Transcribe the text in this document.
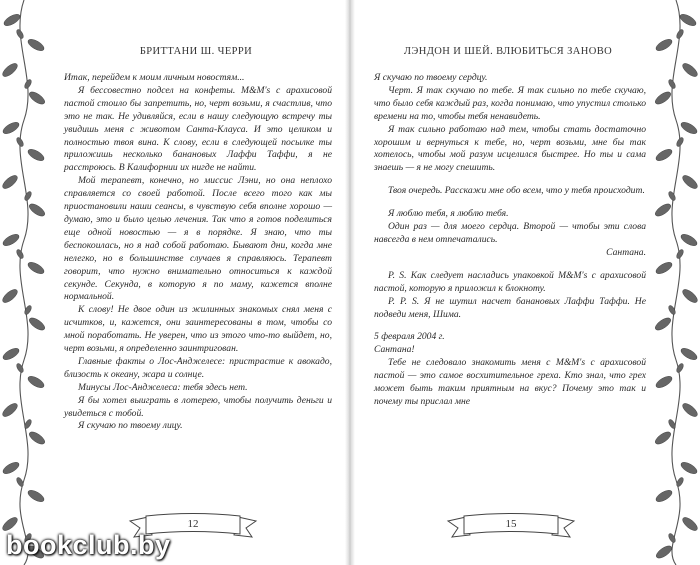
БРИТТАНИ Ш. ЧЕРРИ

Итак, перейдем к моим личным новостям...

Я бессовестно подсел на конфеты. M&M's с арахисовой пастой стоило бы запретить, но, черт возьми, я счастлив, что это не так. Не удивляйся, если в нашу следующую встречу ты увидишь меня с животом Санта-Клауса. И это целиком и полностью твоя вина. К слову, если в следующей посылке ты приложишь несколько банановых Лаффи Таффи, я не расстроюсь. В Калифорнии их нигде не найти.

Мой терапевт, конечно, но миссис Лэни, но она неплохо справляется со своей работой. После всего того как мы приостановили наши сеансы, в чувствую себя вполне хорошо — думаю, это и было целью лечения. Так что я готов поделиться еще одной новостью — я в порядке. Я знаю, что ты беспокоилась, но я над собой работаю. Бывают дни, когда мне нелегко, но в большинстве случаев я справляюсь. Терапевт говорит, что нужно внимательно относиться к каждой секунде. Секунда, в которую я по маму, кажется вполне нормальной.

К слову! Не двое один из жилинных знакомых снял меня с исчитков, и, кажется, они заинтересованы в том, чтобы со мной поработать. Не уверен, что из этого что-то выйдет, но, черт возьми, я определенно заинтригован.

Главные факты о Лос-Анджелесе: пристрастие к авокадо, близость к океану, жара и солнце.

Минусы Лос-Анджелеса: тебя здесь нет.

Я бы хотел выиграть в лотерею, чтобы получить деньги и увидеться с тобой.

Я скучаю по твоему лицу.

12
ЛЭНДОН И ШЕЙ. ВЛЮБИТЬСЯ ЗАНОВО

Я скучаю по твоему сердцу.

Черт. Я так скучаю по тебе. Я так сильно по тебе скучаю, что было себя каждый раз, когда понимаю, что упустил столько времени на то, чтобы тебя ненавидеть.

Я так сильно работаю над тем, чтобы стать достаточно хорошим и вернуться к тебе, но, черт возьми, мне бы так хотелось, чтобы мой разум исцелился быстрее. Но ты и сама знаешь — я не могу спешить.

Твоя очередь. Расскажи мне обо всем, что у тебя происходит.

Я люблю тебя, я люблю тебя.

Один раз — для моего сердца. Второй — чтобы эти слова навсегда в нем отпечатались.

Сантана.

P. S. Как следует насладись упаковкой M&M's с арахисовой пастой, которую я приложил к блокноту.

P. P. S. Я не шутил насчет банановых Лаффи Таффи. Не подведи меня, Шима.

5 февраля 2004 г.

Сантана!

Тебе не следовало знакомить меня с M&M's с арахисовой пастой — это самое восхитительное греха. Кто знал, что грех может быть таким приятным на вкус? Почему это так и почему ты прислал мне

15
bookclub.by
